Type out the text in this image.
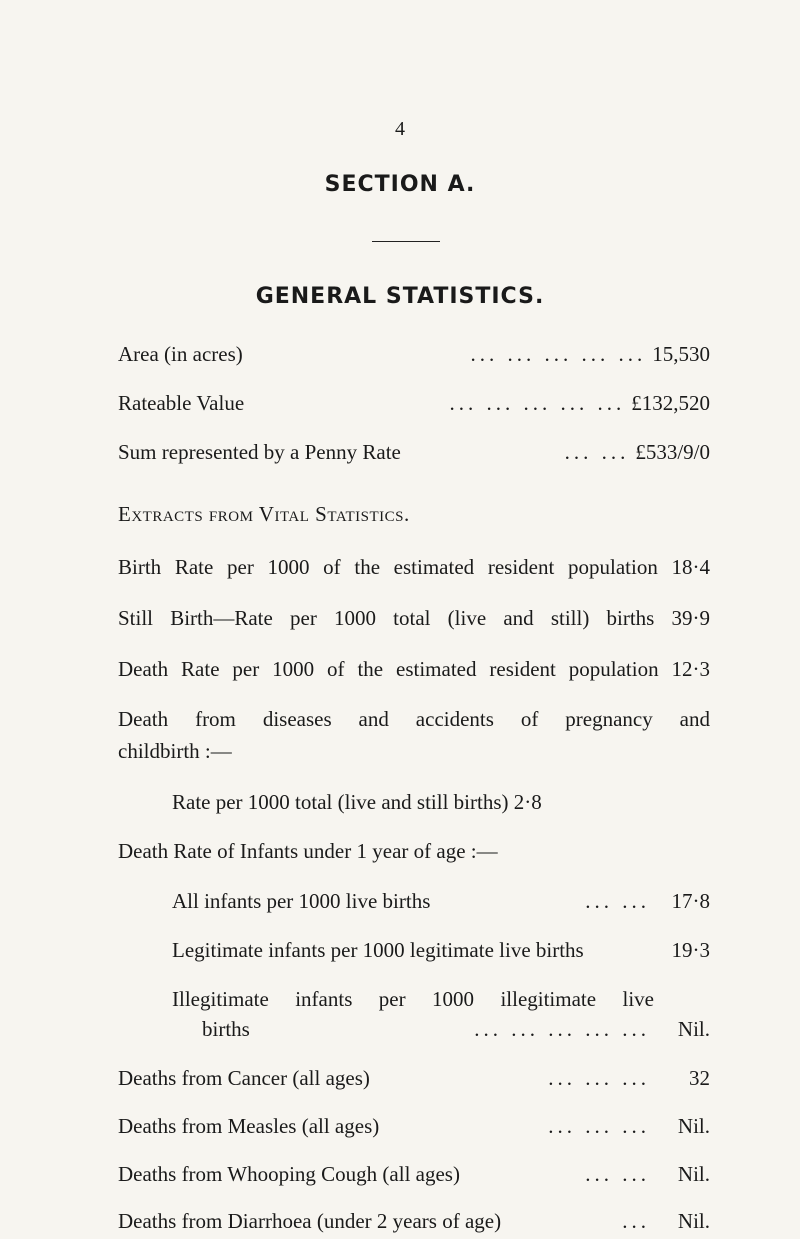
4
SECTION A.
GENERAL STATISTICS.
Area (in acres)	... ... ... ... ... 15,530
Rateable Value	... ... ... ... ... £132,520
Sum represented by a Penny Rate	... ... £533/9/0
Extracts from Vital Statistics.
Birth Rate per 1000 of the estimated resident population 18·4
Still Birth—Rate per 1000 total (live and still) births 39·9
Death Rate per 1000 of the estimated resident population 12·3
Death from diseases and accidents of pregnancy and
childbirth :—
Rate per 1000 total (live and still births) 2·8
Death Rate of Infants under 1 year of age :—
All infants per 1000 live births	... ...	17·8
Legitimate infants per 1000 legitimate live births	19·3
Illegitimate infants per 1000 illegitimate live
births	... ... ... ... ...	Nil.
Deaths from Cancer (all ages)	... ... ...	32
Deaths from Measles (all ages)	... ... ...	Nil.
Deaths from Whooping Cough (all ages)	... ...	Nil.
Deaths from Diarrhoea (under 2 years of age)	...	Nil.
